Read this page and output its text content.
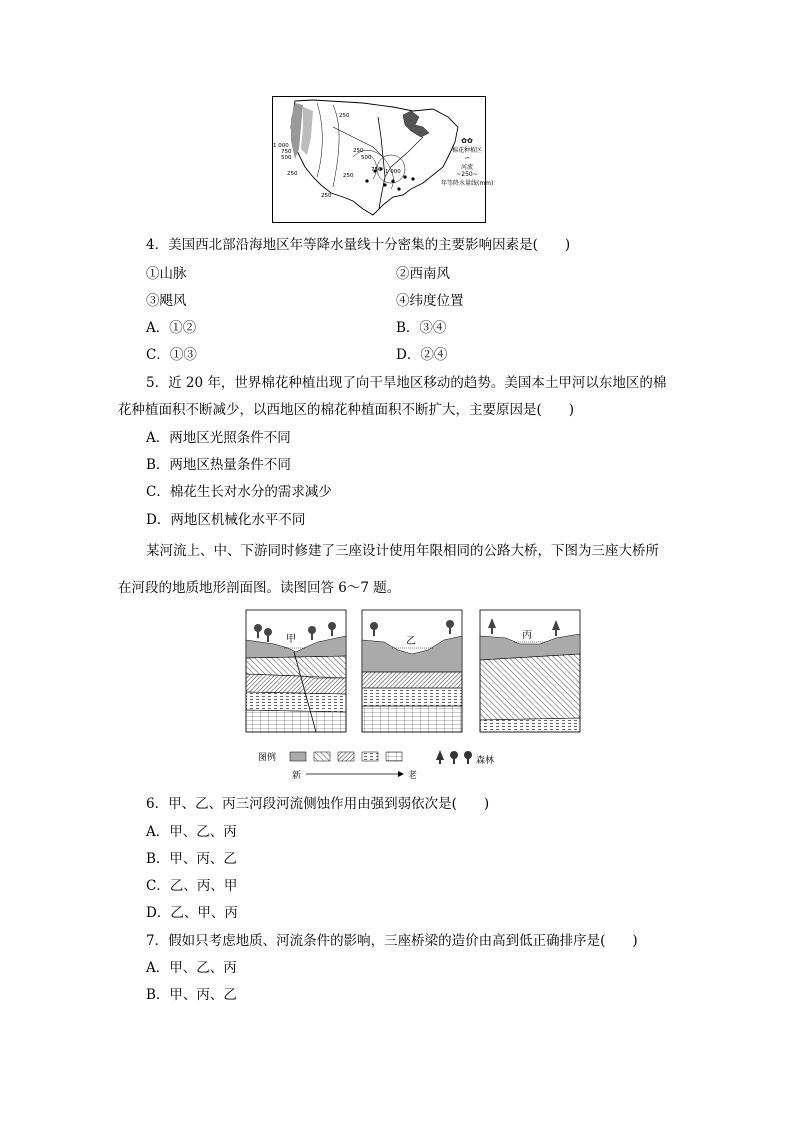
1 000
750
500
250
250
250
500
750 1 000
250
250
✿✿
棉花种植区
∽
河流
~250~
年等降水量线(mm)
4．美国西北部沿海地区年等降水量线十分密集的主要影响因素是(　　)
①山脉	②西南风
③飓风	④纬度位置
A．①②	B．③④
C．①③	D．②④
5．近 20 年，世界棉花种植出现了向干旱地区移动的趋势。美国本土甲河以东地区的棉
花种植面积不断减少，以西地区的棉花种植面积不断扩大，主要原因是(　　)
A．两地区光照条件不同
B．两地区热量条件不同
C．棉花生长对水分的需求减少
D．两地区机械化水平不同
某河流上、中、下游同时修建了三座设计使用年限相同的公路大桥，下图为三座大桥所
在河段的地质地形剖面图。读图回答 6～7 题。
甲	乙
丙
图例
新	老
森林
6．甲、乙、丙三河段河流侧蚀作用由强到弱依次是(　　)
A．甲、乙、丙
B．甲、丙、乙
C．乙、丙、甲
D．乙、甲、丙
7．假如只考虑地质、河流条件的影响，三座桥梁的造价由高到低正确排序是(　　)
A．甲、乙、丙
B．甲、丙、乙
